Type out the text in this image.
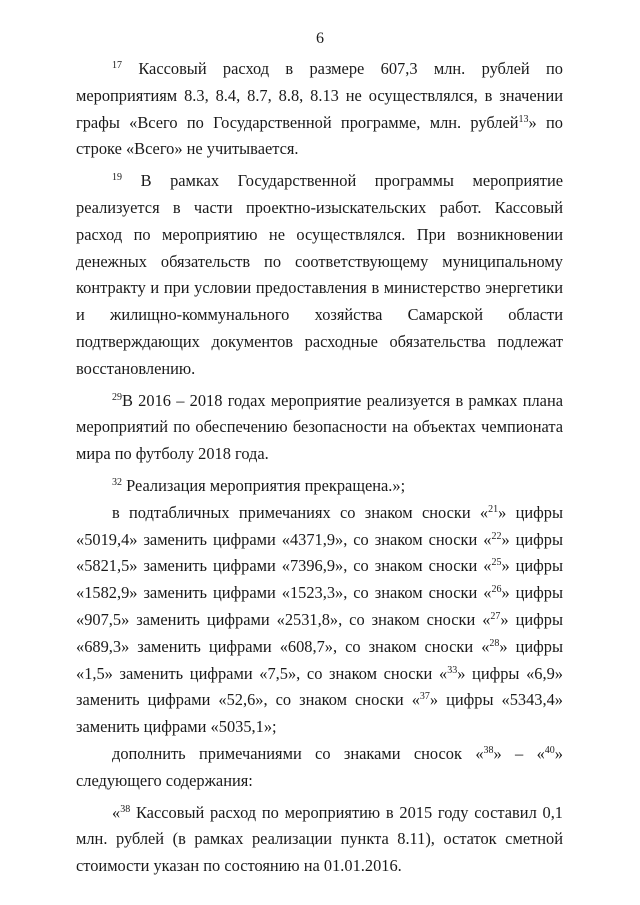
6

$^{17}$ Кассовый расход в размере 607,3 млн. рублей по мероприятиям 8.3, 8.4, 8.7, 8.8, 8.13 не осуществлялся, в значении графы «Всего по Государственной программе, млн. рублей$^{13}$» по строке «Всего» не учитывается.

$^{19}$ В рамках Государственной программы мероприятие реализуется в части проектно-изыскательских работ. Кассовый расход по мероприятию не осуществлялся. При возникновении денежных обязательств по соответствующему муниципальному контракту и при условии предоставления в министерство энергетики и жилищно-коммунального хозяйства Самарской области подтверждающих документов расходные обязательства подлежат восстановлению.

$^{29}$В 2016 – 2018 годах мероприятие реализуется в рамках плана мероприятий по обеспечению безопасности на объектах чемпионата мира по футболу 2018 года.

$^{32}$ Реализация мероприятия прекращена.»;

в подтабличных примечаниях со знаком сноски «$^{21}$» цифры «5019,4» заменить цифрами «4371,9», со знаком сноски «$^{22}$» цифры «5821,5» заменить цифрами «7396,9», со знаком сноски «$^{25}$» цифры «1582,9» заменить цифрами «1523,3», со знаком сноски «$^{26}$» цифры «907,5» заменить цифрами «2531,8», со знаком сноски «$^{27}$» цифры «689,3» заменить цифрами «608,7», со знаком сноски «$^{28}$» цифры «1,5» заменить цифрами «7,5», со знаком сноски «$^{33}$» цифры «6,9» заменить цифрами «52,6», со знаком сноски «$^{37}$» цифры «5343,4» заменить цифрами «5035,1»;

дополнить примечаниями со знаками сносок «$^{38}$» – «$^{40}$» следующего содержания:

«$^{38}$ Кассовый расход по мероприятию в 2015 году составил 0,1 млн. рублей (в рамках реализации пункта 8.11), остаток сметной стоимости указан по состоянию на 01.01.2016.
